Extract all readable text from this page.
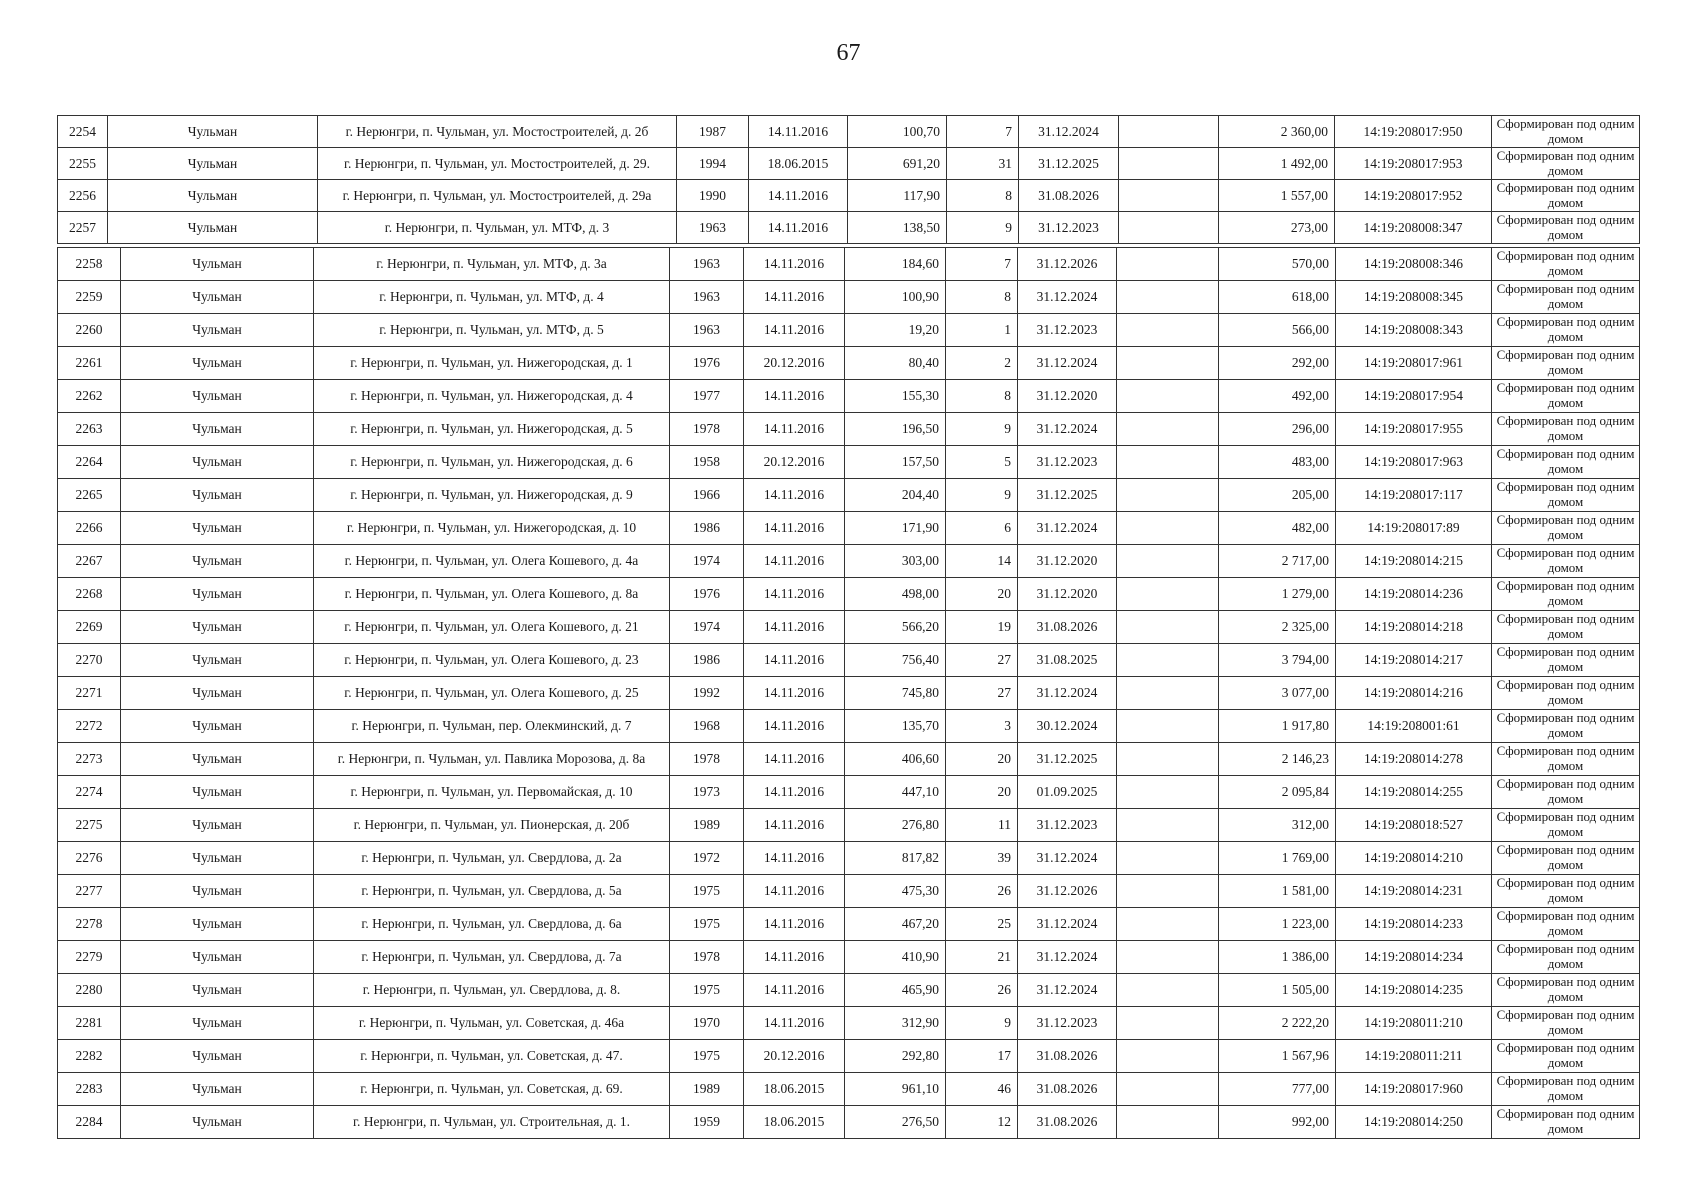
67
2254	Чульман	г. Нерюнгри, п. Чульман, ул. Мостостроителей, д. 2б	1987	14.11.2016	100,70	7	31.12.2024		2 360,00	14:19:208017:950	Сформирован под одним домом
2255	Чульман	г. Нерюнгри, п. Чульман, ул. Мостостроителей, д. 29.	1994	18.06.2015	691,20	31	31.12.2025		1 492,00	14:19:208017:953	Сформирован под одним домом
2256	Чульман	г. Нерюнгри, п. Чульман, ул. Мостостроителей, д. 29а	1990	14.11.2016	117,90	8	31.08.2026		1 557,00	14:19:208017:952	Сформирован под одним домом
2257	Чульман	г. Нерюнгри, п. Чульман, ул. МТФ, д. 3	1963	14.11.2016	138,50	9	31.12.2023		273,00	14:19:208008:347	Сформирован под одним домом
2258	Чульман	г. Нерюнгри, п. Чульман, ул. МТФ, д. 3а	1963	14.11.2016	184,60	7	31.12.2026		570,00	14:19:208008:346	Сформирован под одним домом
2259	Чульман	г. Нерюнгри, п. Чульман, ул. МТФ, д. 4	1963	14.11.2016	100,90	8	31.12.2024		618,00	14:19:208008:345	Сформирован под одним домом
2260	Чульман	г. Нерюнгри, п. Чульман, ул. МТФ, д. 5	1963	14.11.2016	19,20	1	31.12.2023		566,00	14:19:208008:343	Сформирован под одним домом
2261	Чульман	г. Нерюнгри, п. Чульман, ул. Нижегородская, д. 1	1976	20.12.2016	80,40	2	31.12.2024		292,00	14:19:208017:961	Сформирован под одним домом
2262	Чульман	г. Нерюнгри, п. Чульман, ул. Нижегородская, д. 4	1977	14.11.2016	155,30	8	31.12.2020		492,00	14:19:208017:954	Сформирован под одним домом
2263	Чульман	г. Нерюнгри, п. Чульман, ул. Нижегородская, д. 5	1978	14.11.2016	196,50	9	31.12.2024		296,00	14:19:208017:955	Сформирован под одним домом
2264	Чульман	г. Нерюнгри, п. Чульман, ул. Нижегородская, д. 6	1958	20.12.2016	157,50	5	31.12.2023		483,00	14:19:208017:963	Сформирован под одним домом
2265	Чульман	г. Нерюнгри, п. Чульман, ул. Нижегородская, д. 9	1966	14.11.2016	204,40	9	31.12.2025		205,00	14:19:208017:117	Сформирован под одним домом
2266	Чульман	г. Нерюнгри, п. Чульман, ул. Нижегородская, д. 10	1986	14.11.2016	171,90	6	31.12.2024		482,00	14:19:208017:89	Сформирован под одним домом
2267	Чульман	г. Нерюнгри, п. Чульман, ул. Олега Кошевого, д. 4а	1974	14.11.2016	303,00	14	31.12.2020		2 717,00	14:19:208014:215	Сформирован под одним домом
2268	Чульман	г. Нерюнгри, п. Чульман, ул. Олега Кошевого, д. 8а	1976	14.11.2016	498,00	20	31.12.2020		1 279,00	14:19:208014:236	Сформирован под одним домом
2269	Чульман	г. Нерюнгри, п. Чульман, ул. Олега Кошевого, д. 21	1974	14.11.2016	566,20	19	31.08.2026		2 325,00	14:19:208014:218	Сформирован под одним домом
2270	Чульман	г. Нерюнгри, п. Чульман, ул. Олега Кошевого, д. 23	1986	14.11.2016	756,40	27	31.08.2025		3 794,00	14:19:208014:217	Сформирован под одним домом
2271	Чульман	г. Нерюнгри, п. Чульман, ул. Олега Кошевого, д. 25	1992	14.11.2016	745,80	27	31.12.2024		3 077,00	14:19:208014:216	Сформирован под одним домом
2272	Чульман	г. Нерюнгри, п. Чульман, пер. Олекминский, д. 7	1968	14.11.2016	135,70	3	30.12.2024		1 917,80	14:19:208001:61	Сформирован под одним домом
2273	Чульман	г. Нерюнгри, п. Чульман, ул. Павлика Морозова, д. 8а	1978	14.11.2016	406,60	20	31.12.2025		2 146,23	14:19:208014:278	Сформирован под одним домом
2274	Чульман	г. Нерюнгри, п. Чульман, ул. Первомайская, д. 10	1973	14.11.2016	447,10	20	01.09.2025		2 095,84	14:19:208014:255	Сформирован под одним домом
2275	Чульман	г. Нерюнгри, п. Чульман, ул. Пионерская, д. 20б	1989	14.11.2016	276,80	11	31.12.2023		312,00	14:19:208018:527	Сформирован под одним домом
2276	Чульман	г. Нерюнгри, п. Чульман, ул. Свердлова, д. 2а	1972	14.11.2016	817,82	39	31.12.2024		1 769,00	14:19:208014:210	Сформирован под одним домом
2277	Чульман	г. Нерюнгри, п. Чульман, ул. Свердлова, д. 5а	1975	14.11.2016	475,30	26	31.12.2026		1 581,00	14:19:208014:231	Сформирован под одним домом
2278	Чульман	г. Нерюнгри, п. Чульман, ул. Свердлова, д. 6а	1975	14.11.2016	467,20	25	31.12.2024		1 223,00	14:19:208014:233	Сформирован под одним домом
2279	Чульман	г. Нерюнгри, п. Чульман, ул. Свердлова, д. 7а	1978	14.11.2016	410,90	21	31.12.2024		1 386,00	14:19:208014:234	Сформирован под одним домом
2280	Чульман	г. Нерюнгри, п. Чульман, ул. Свердлова, д. 8.	1975	14.11.2016	465,90	26	31.12.2024		1 505,00	14:19:208014:235	Сформирован под одним домом
2281	Чульман	г. Нерюнгри, п. Чульман, ул. Советская, д. 46а	1970	14.11.2016	312,90	9	31.12.2023		2 222,20	14:19:208011:210	Сформирован под одним домом
2282	Чульман	г. Нерюнгри, п. Чульман, ул. Советская, д. 47.	1975	20.12.2016	292,80	17	31.08.2026		1 567,96	14:19:208011:211	Сформирован под одним домом
2283	Чульман	г. Нерюнгри, п. Чульман, ул. Советская, д. 69.	1989	18.06.2015	961,10	46	31.08.2026		777,00	14:19:208017:960	Сформирован под одним домом
2284	Чульман	г. Нерюнгри, п. Чульман, ул. Строительная, д. 1.	1959	18.06.2015	276,50	12	31.08.2026		992,00	14:19:208014:250	Сформирован под одним домом
